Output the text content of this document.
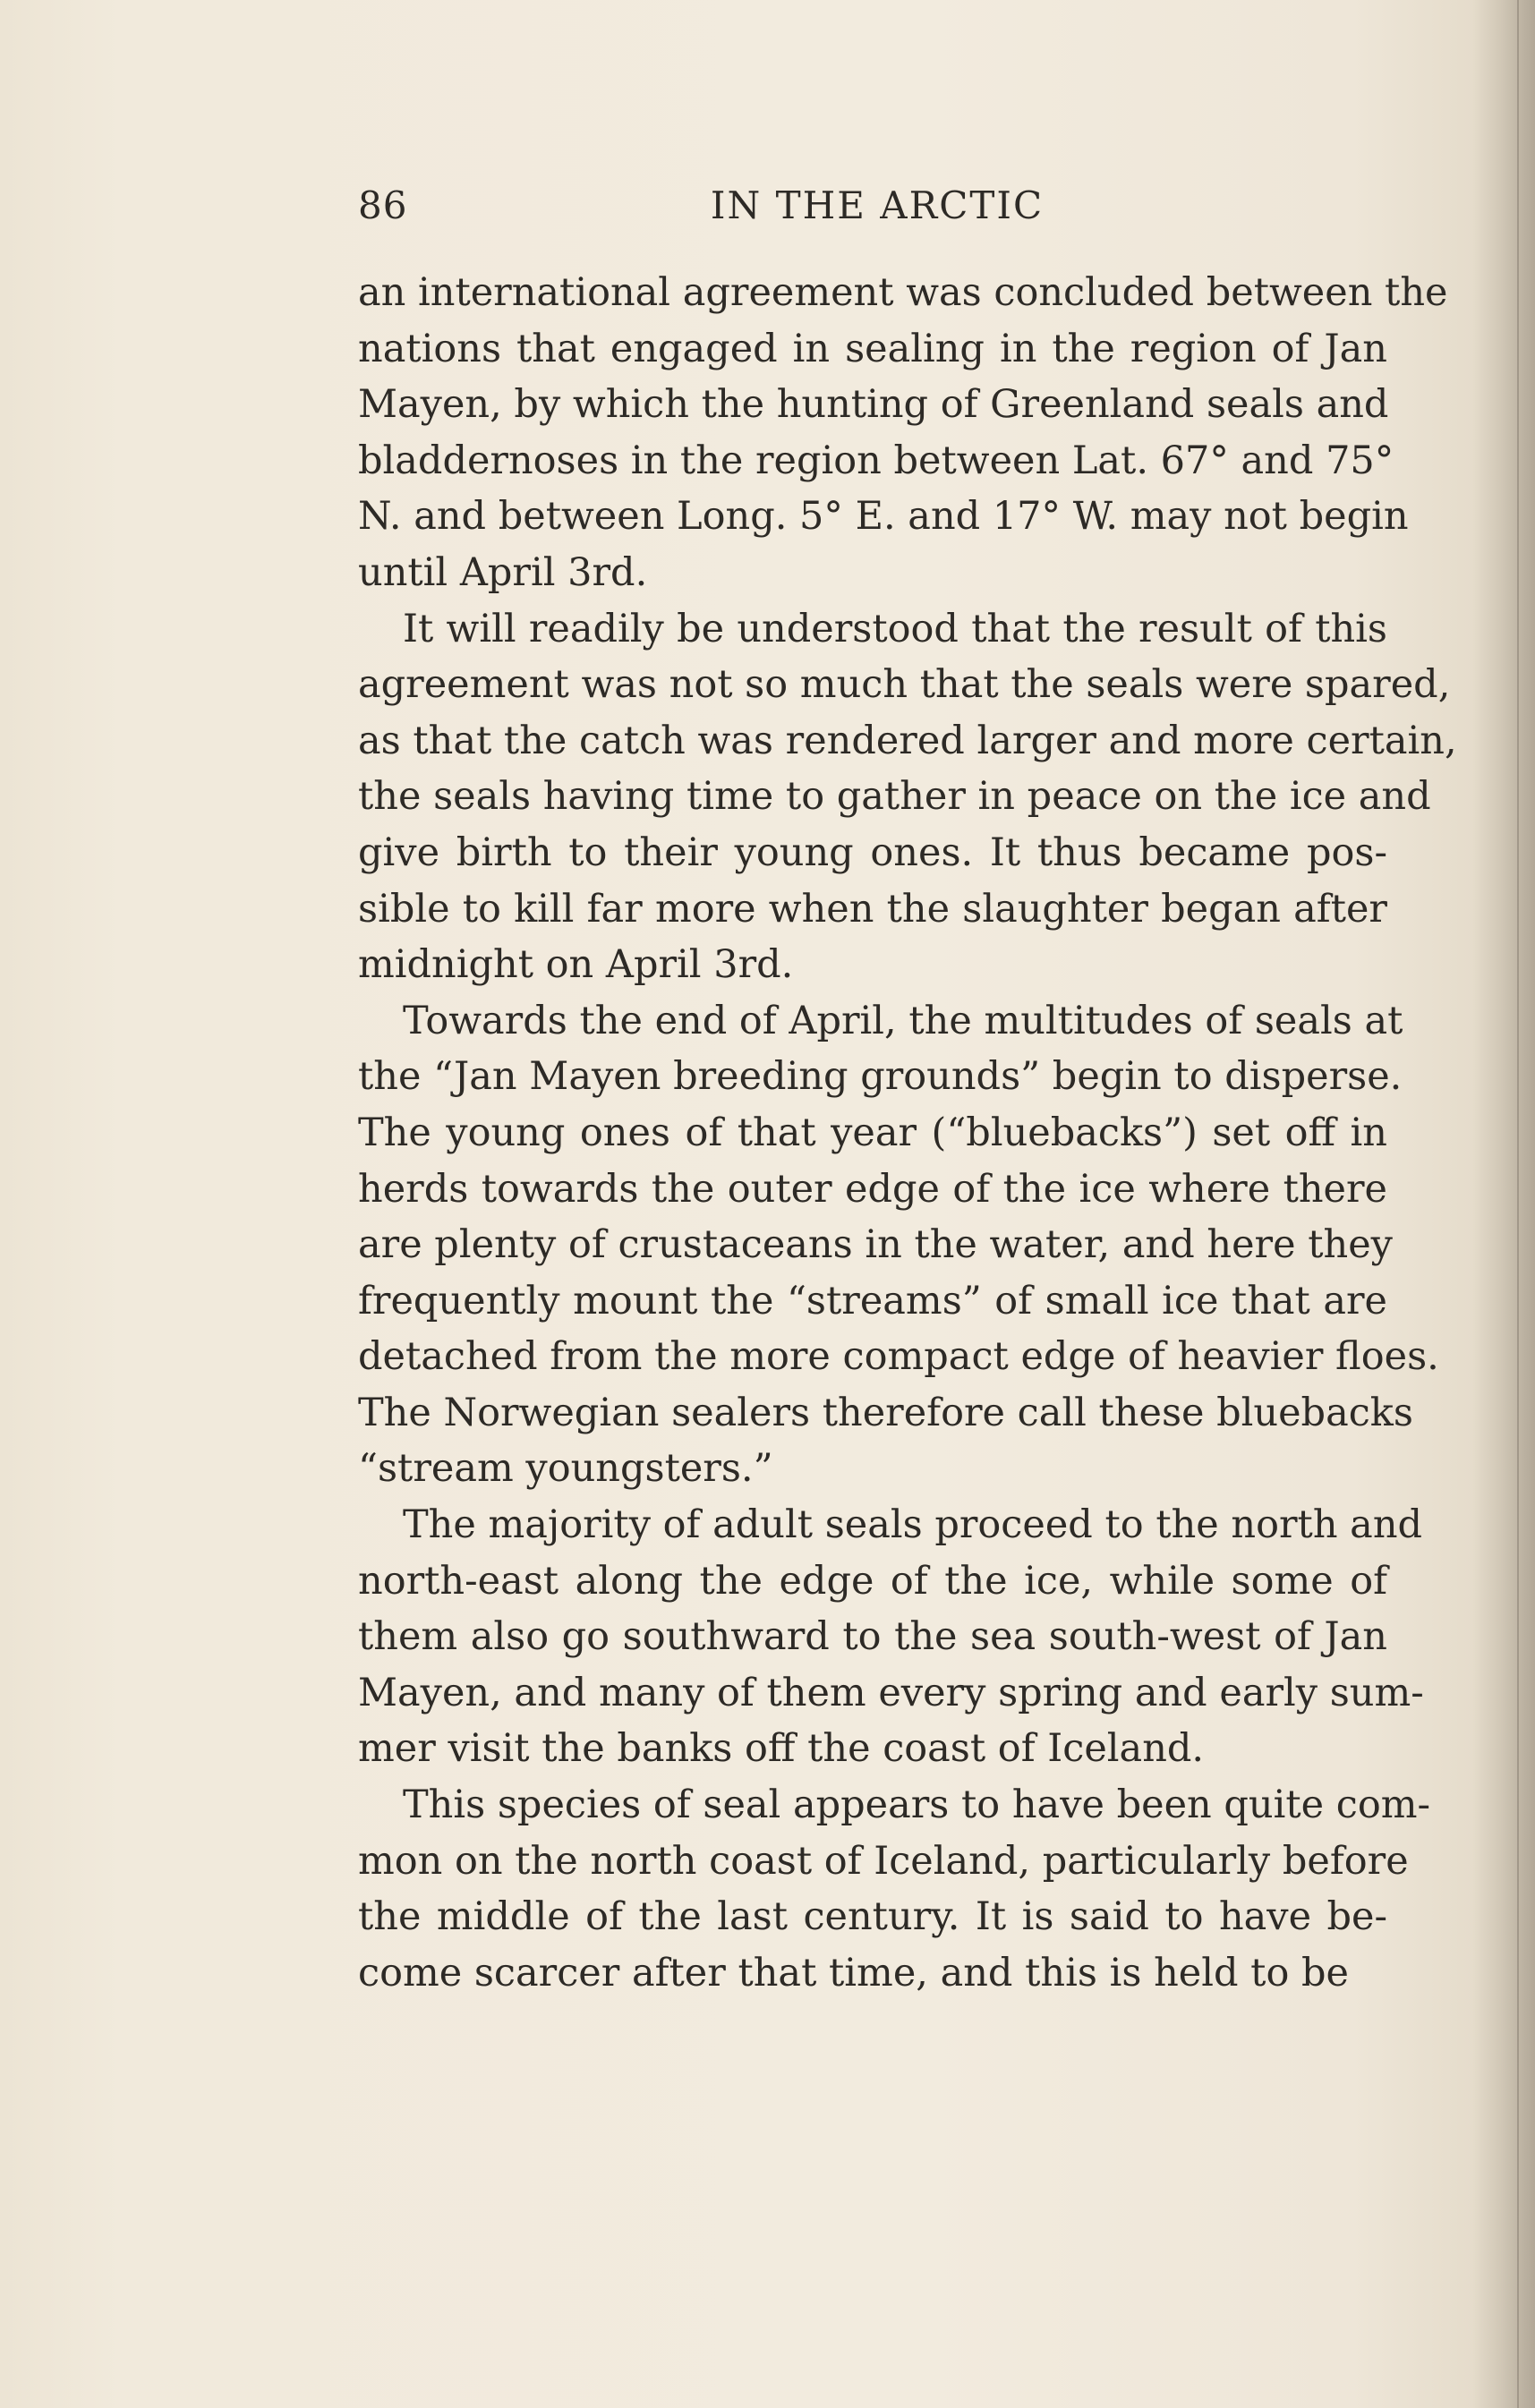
86	IN THE ARCTIC
an international agreement was concluded between the
nations that engaged in sealing in the region of Jan
Mayen, by which the hunting of Greenland seals and
bladdernoses in the region between Lat. 67° and 75°
N. and between Long. 5° E. and 17° W. may not begin
until April 3rd.
It will readily be understood that the result of this
agreement was not so much that the seals were spared,
as that the catch was rendered larger and more certain,
the seals having time to gather in peace on the ice and
give birth to their young ones. It thus became pos-
sible to kill far more when the slaughter began after
midnight on April 3rd.
Towards the end of April, the multitudes of seals at
the “Jan Mayen breeding grounds” begin to disperse.
The young ones of that year (“bluebacks”) set off in
herds towards the outer edge of the ice where there
are plenty of crustaceans in the water, and here they
frequently mount the “streams” of small ice that are
detached from the more compact edge of heavier floes.
The Norwegian sealers therefore call these bluebacks
“stream youngsters.”
The majority of adult seals proceed to the north and
north-east along the edge of the ice, while some of
them also go southward to the sea south-west of Jan
Mayen, and many of them every spring and early sum-
mer visit the banks off the coast of Iceland.
This species of seal appears to have been quite com-
mon on the north coast of Iceland, particularly before
the middle of the last century. It is said to have be-
come scarcer after that time, and this is held to be
